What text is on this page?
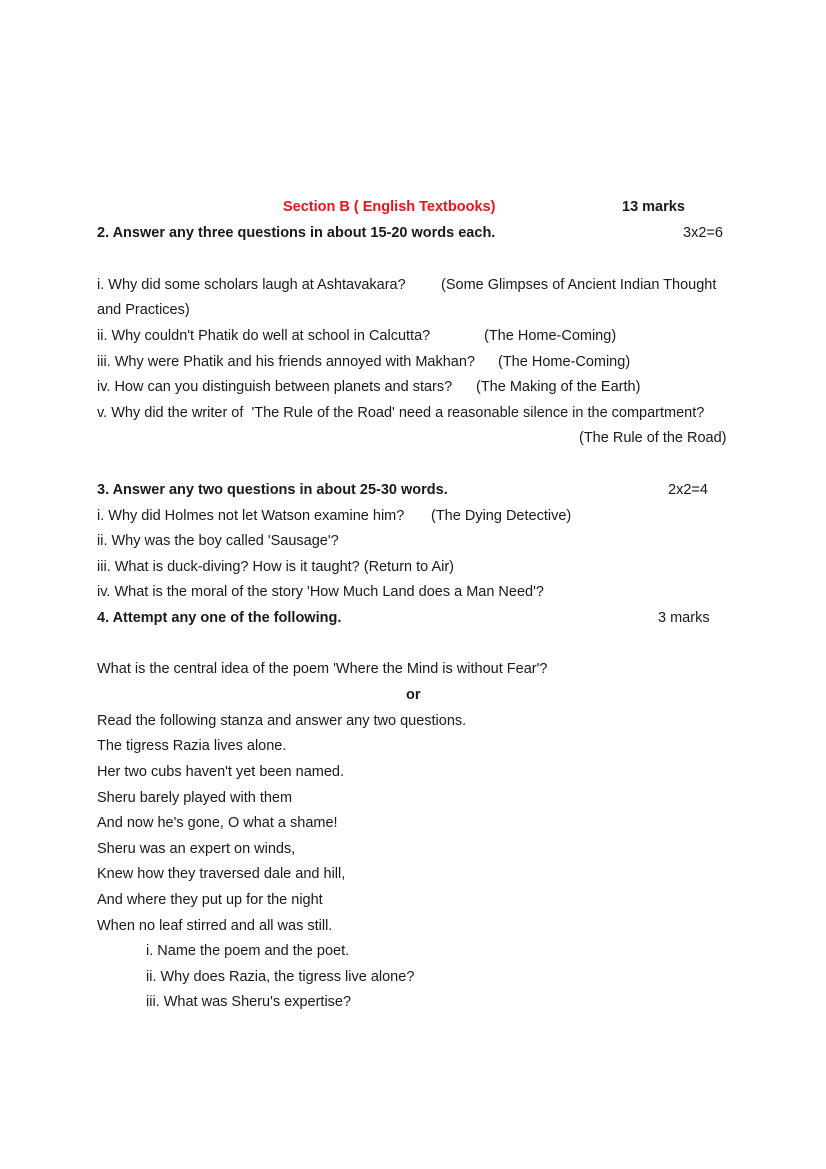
Section B ( English Textbooks)	13 marks
2. Answer any three questions in about 15-20 words each.	3x2=6
i. Why did some scholars laugh at Ashtavakara? (Some Glimpses of Ancient Indian Thought
and Practices)
ii. Why couldn't Phatik do well at school in Calcutta?	(The Home-Coming)
iii. Why were Phatik and his friends annoyed with Makhan? (The Home-Coming)
iv. How can you distinguish between planets and stars? (The Making of the Earth)
v. Why did the writer of  'The Rule of the Road' need a reasonable silence in the compartment?
(The Rule of the Road)
3. Answer any two questions in about 25-30 words.	2x2=4
i. Why did Holmes not let Watson examine him? (The Dying Detective)
ii. Why was the boy called 'Sausage'?
iii. What is duck-diving? How is it taught? (Return to Air)
iv. What is the moral of the story 'How Much Land does a Man Need'?
4. Attempt any one of the following.	3 marks
What is the central idea of the poem 'Where the Mind is without Fear'?
or
Read the following stanza and answer any two questions.
The tigress Razia lives alone.
Her two cubs haven't yet been named.
Sheru barely played with them
And now he's gone, O what a shame!
Sheru was an expert on winds,
Knew how they traversed dale and hill,
And where they put up for the night
When no leaf stirred and all was still.
i. Name the poem and the poet.
ii. Why does Razia, the tigress live alone?
iii. What was Sheru's expertise?
